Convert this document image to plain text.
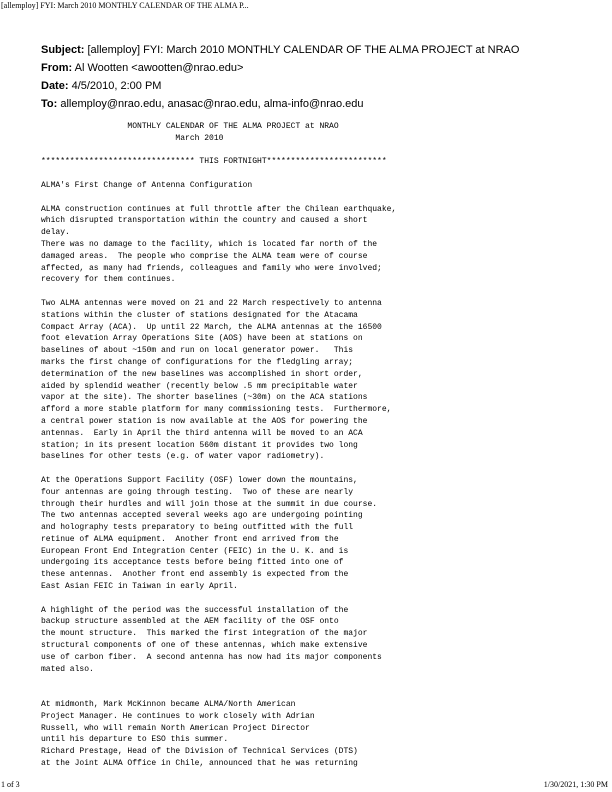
[allemploy] FYI: March 2010 MONTHLY CALENDAR OF THE ALMA P...
Subject: [allemploy] FYI: March 2010 MONTHLY CALENDAR OF THE ALMA PROJECT at NRAO
From: Al Wootten <awootten@nrao.edu>
Date: 4/5/2010, 2:00 PM
To: allemploy@nrao.edu, anasac@nrao.edu, alma-info@nrao.edu
MONTHLY CALENDAR OF THE ALMA PROJECT at NRAO
March 2010

******************************** THIS FORTNIGHT*************************

ALMA's First Change of Antenna Configuration

ALMA construction continues at full throttle after the Chilean earthquake,
which disrupted transportation within the country and caused a short
delay.
There was no damage to the facility, which is located far north of the
damaged areas.  The people who comprise the ALMA team were of course
affected, as many had friends, colleagues and family who were involved;
recovery for them continues.

Two ALMA antennas were moved on 21 and 22 March respectively to antenna
stations within the cluster of stations designated for the Atacama
Compact Array (ACA).  Up until 22 March, the ALMA antennas at the 16500
foot elevation Array Operations Site (AOS) have been at stations on
baselines of about ~150m and run on local generator power.   This
marks the first change of configurations for the fledgling array;
determination of the new baselines was accomplished in short order,
aided by splendid weather (recently below .5 mm precipitable water
vapor at the site). The shorter baselines (~30m) on the ACA stations
afford a more stable platform for many commissioning tests.  Furthermore,
a central power station is now available at the AOS for powering the
antennas.  Early in April the third antenna will be moved to an ACA
station; in its present location 560m distant it provides two long
baselines for other tests (e.g. of water vapor radiometry).

At the Operations Support Facility (OSF) lower down the mountains,
four antennas are going through testing.  Two of these are nearly
through their hurdles and will join those at the summit in due course.
The two antennas accepted several weeks ago are undergoing pointing
and holography tests preparatory to being outfitted with the full
retinue of ALMA equipment.  Another front end arrived from the
European Front End Integration Center (FEIC) in the U. K. and is
undergoing its acceptance tests before being fitted into one of
these antennas.  Another front end assembly is expected from the
East Asian FEIC in Taiwan in early April.

A highlight of the period was the successful installation of the
backup structure assembled at the AEM facility of the OSF onto
the mount structure.  This marked the first integration of the major
structural components of one of these antennas, which make extensive
use of carbon fiber.  A second antenna has now had its major components
mated also.

At midmonth, Mark McKinnon became ALMA/North American
Project Manager. He continues to work closely with Adrian
Russell, who will remain North American Project Director
until his departure to ESO this summer.
Richard Prestage, Head of the Division of Technical Services (DTS)
at the Joint ALMA Office in Chile, announced that he was returning
1 of 3	1/30/2021, 1:30 PM
